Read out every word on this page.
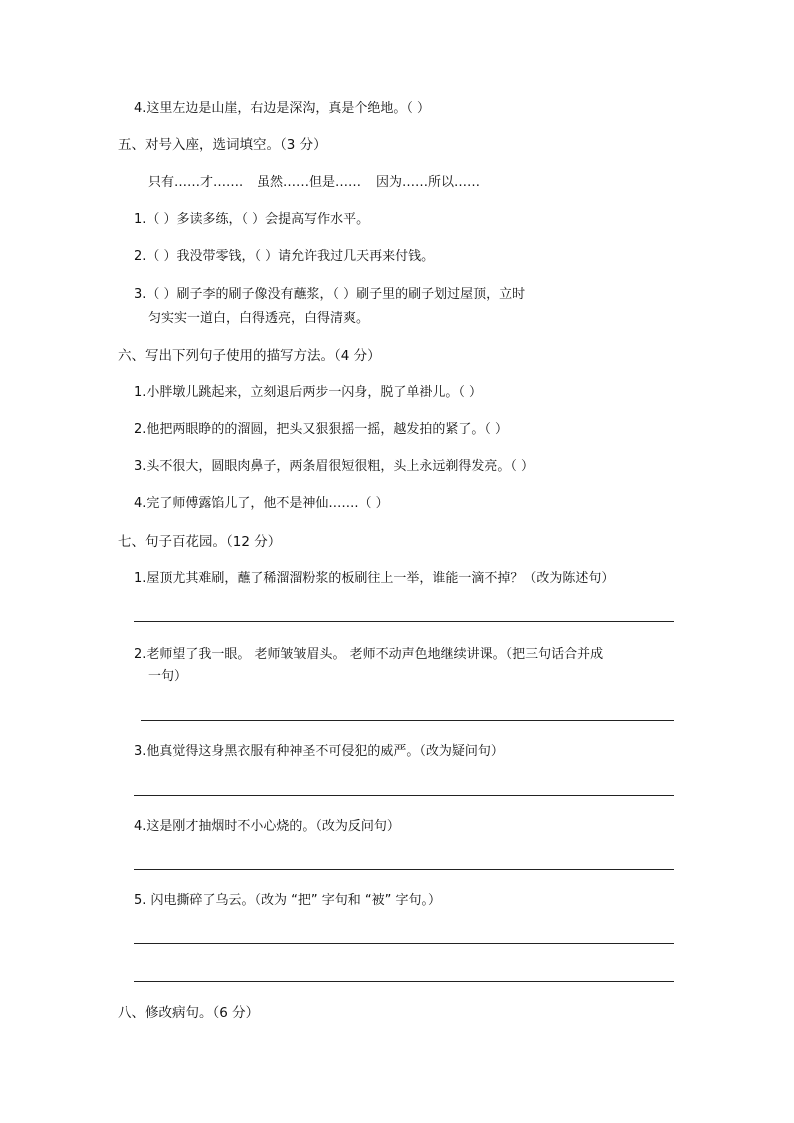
4.这里左边是山崖，右边是深沟，真是个绝地。（ ）
五、对号入座，选词填空。（3 分）
只有……才……. 虽然……但是…… 因为……所以……
1.（ ）多读多练，（ ）会提高写作水平。
2.（ ）我没带零钱，（ ）请允许我过几天再来付钱。
3.（ ）刷子李的刷子像没有蘸浆，（ ）刷子里的刷子划过屋顶，立时
匀实实一道白，白得透亮，白得清爽。
六、写出下列句子使用的描写方法。（4 分）
1.小胖墩儿跳起来，立刻退后两步一闪身，脱了单褂儿。（ ）
2.他把两眼睁的的溜圆，把头又狠狠摇一摇，越发拍的紧了。（ ）
3.头不很大，圆眼肉鼻子，两条眉很短很粗，头上永远剃得发亮。（ ）
4.完了师傅露馅儿了，他不是神仙…….（ ）
七、句子百花园。（12 分）
1.屋顶尤其难刷，蘸了稀溜溜粉浆的板刷往上一举，谁能一滴不掉？（改为陈述句）
2.老师望了我一眼。 老师皱皱眉头。 老师不动声色地继续讲课。（把三句话合并成
一句）
3.他真觉得这身黑衣服有种神圣不可侵犯的威严。（改为疑问句）
4.这是刚才抽烟时不小心烧的。（改为反问句）
5. 闪电撕碎了乌云。（改为 “把” 字句和 “被” 字句。）
八、修改病句。（6 分）
